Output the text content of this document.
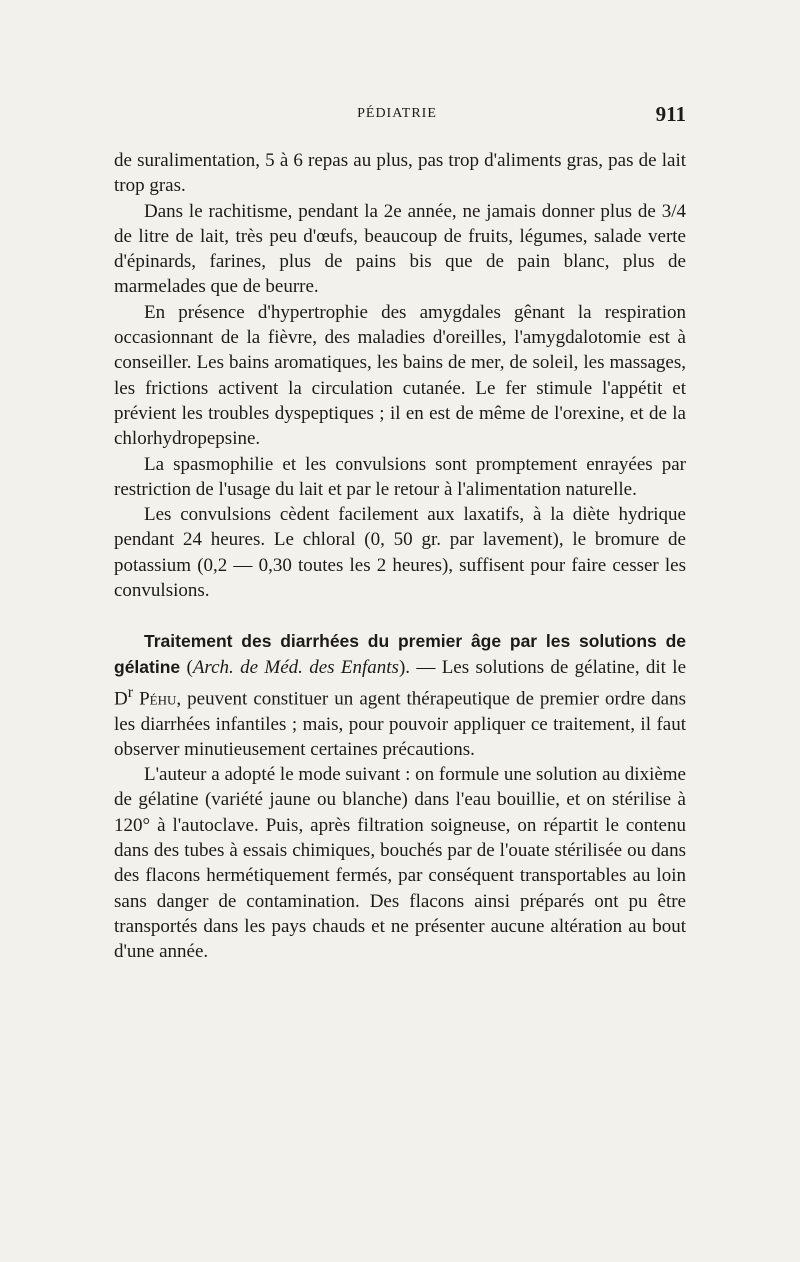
PÉDIATRIE	911

de suralimentation, 5 à 6 repas au plus, pas trop d'aliments gras, pas de lait trop gras.

Dans le rachitisme, pendant la 2e année, ne jamais donner plus de 3/4 de litre de lait, très peu d'œufs, beaucoup de fruits, légumes, salade verte d'épinards, farines, plus de pains bis que de pain blanc, plus de marmelades que de beurre.

En présence d'hypertrophie des amygdales gênant la respiration occasionnant de la fièvre, des maladies d'oreilles, l'amygdalotomie est à conseiller. Les bains aromatiques, les bains de mer, de soleil, les massages, les frictions activent la circulation cutanée. Le fer stimule l'appétit et prévient les troubles dyspeptiques ; il en est de même de l'orexine, et de la chlorhydropepsine.

La spasmophilie et les convulsions sont promptement enrayées par restriction de l'usage du lait et par le retour à l'alimentation naturelle.

Les convulsions cèdent facilement aux laxatifs, à la diète hydrique pendant 24 heures. Le chloral (0, 50 gr. par lavement), le bromure de potassium (0,2 — 0,30 toutes les 2 heures), suffisent pour faire cesser les convulsions.

Traitement des diarrhées du premier âge par les solutions de gélatine (Arch. de Méd. des Enfants). — Les solutions de gélatine, dit le $D^r$ Péhu, peuvent constituer un agent thérapeutique de premier ordre dans les diarrhées infantiles ; mais, pour pouvoir appliquer ce traitement, il faut observer minutieusement certaines précautions.

L'auteur a adopté le mode suivant : on formule une solution au dixième de gélatine (variété jaune ou blanche) dans l'eau bouillie, et on stérilise à 120° à l'autoclave. Puis, après filtration soigneuse, on répartit le contenu dans des tubes à essais chimiques, bouchés par de l'ouate stérilisée ou dans des flacons hermétiquement fermés, par conséquent transportables au loin sans danger de contamination. Des flacons ainsi préparés ont pu être transportés dans les pays chauds et ne présenter aucune altération au bout d'une année.
